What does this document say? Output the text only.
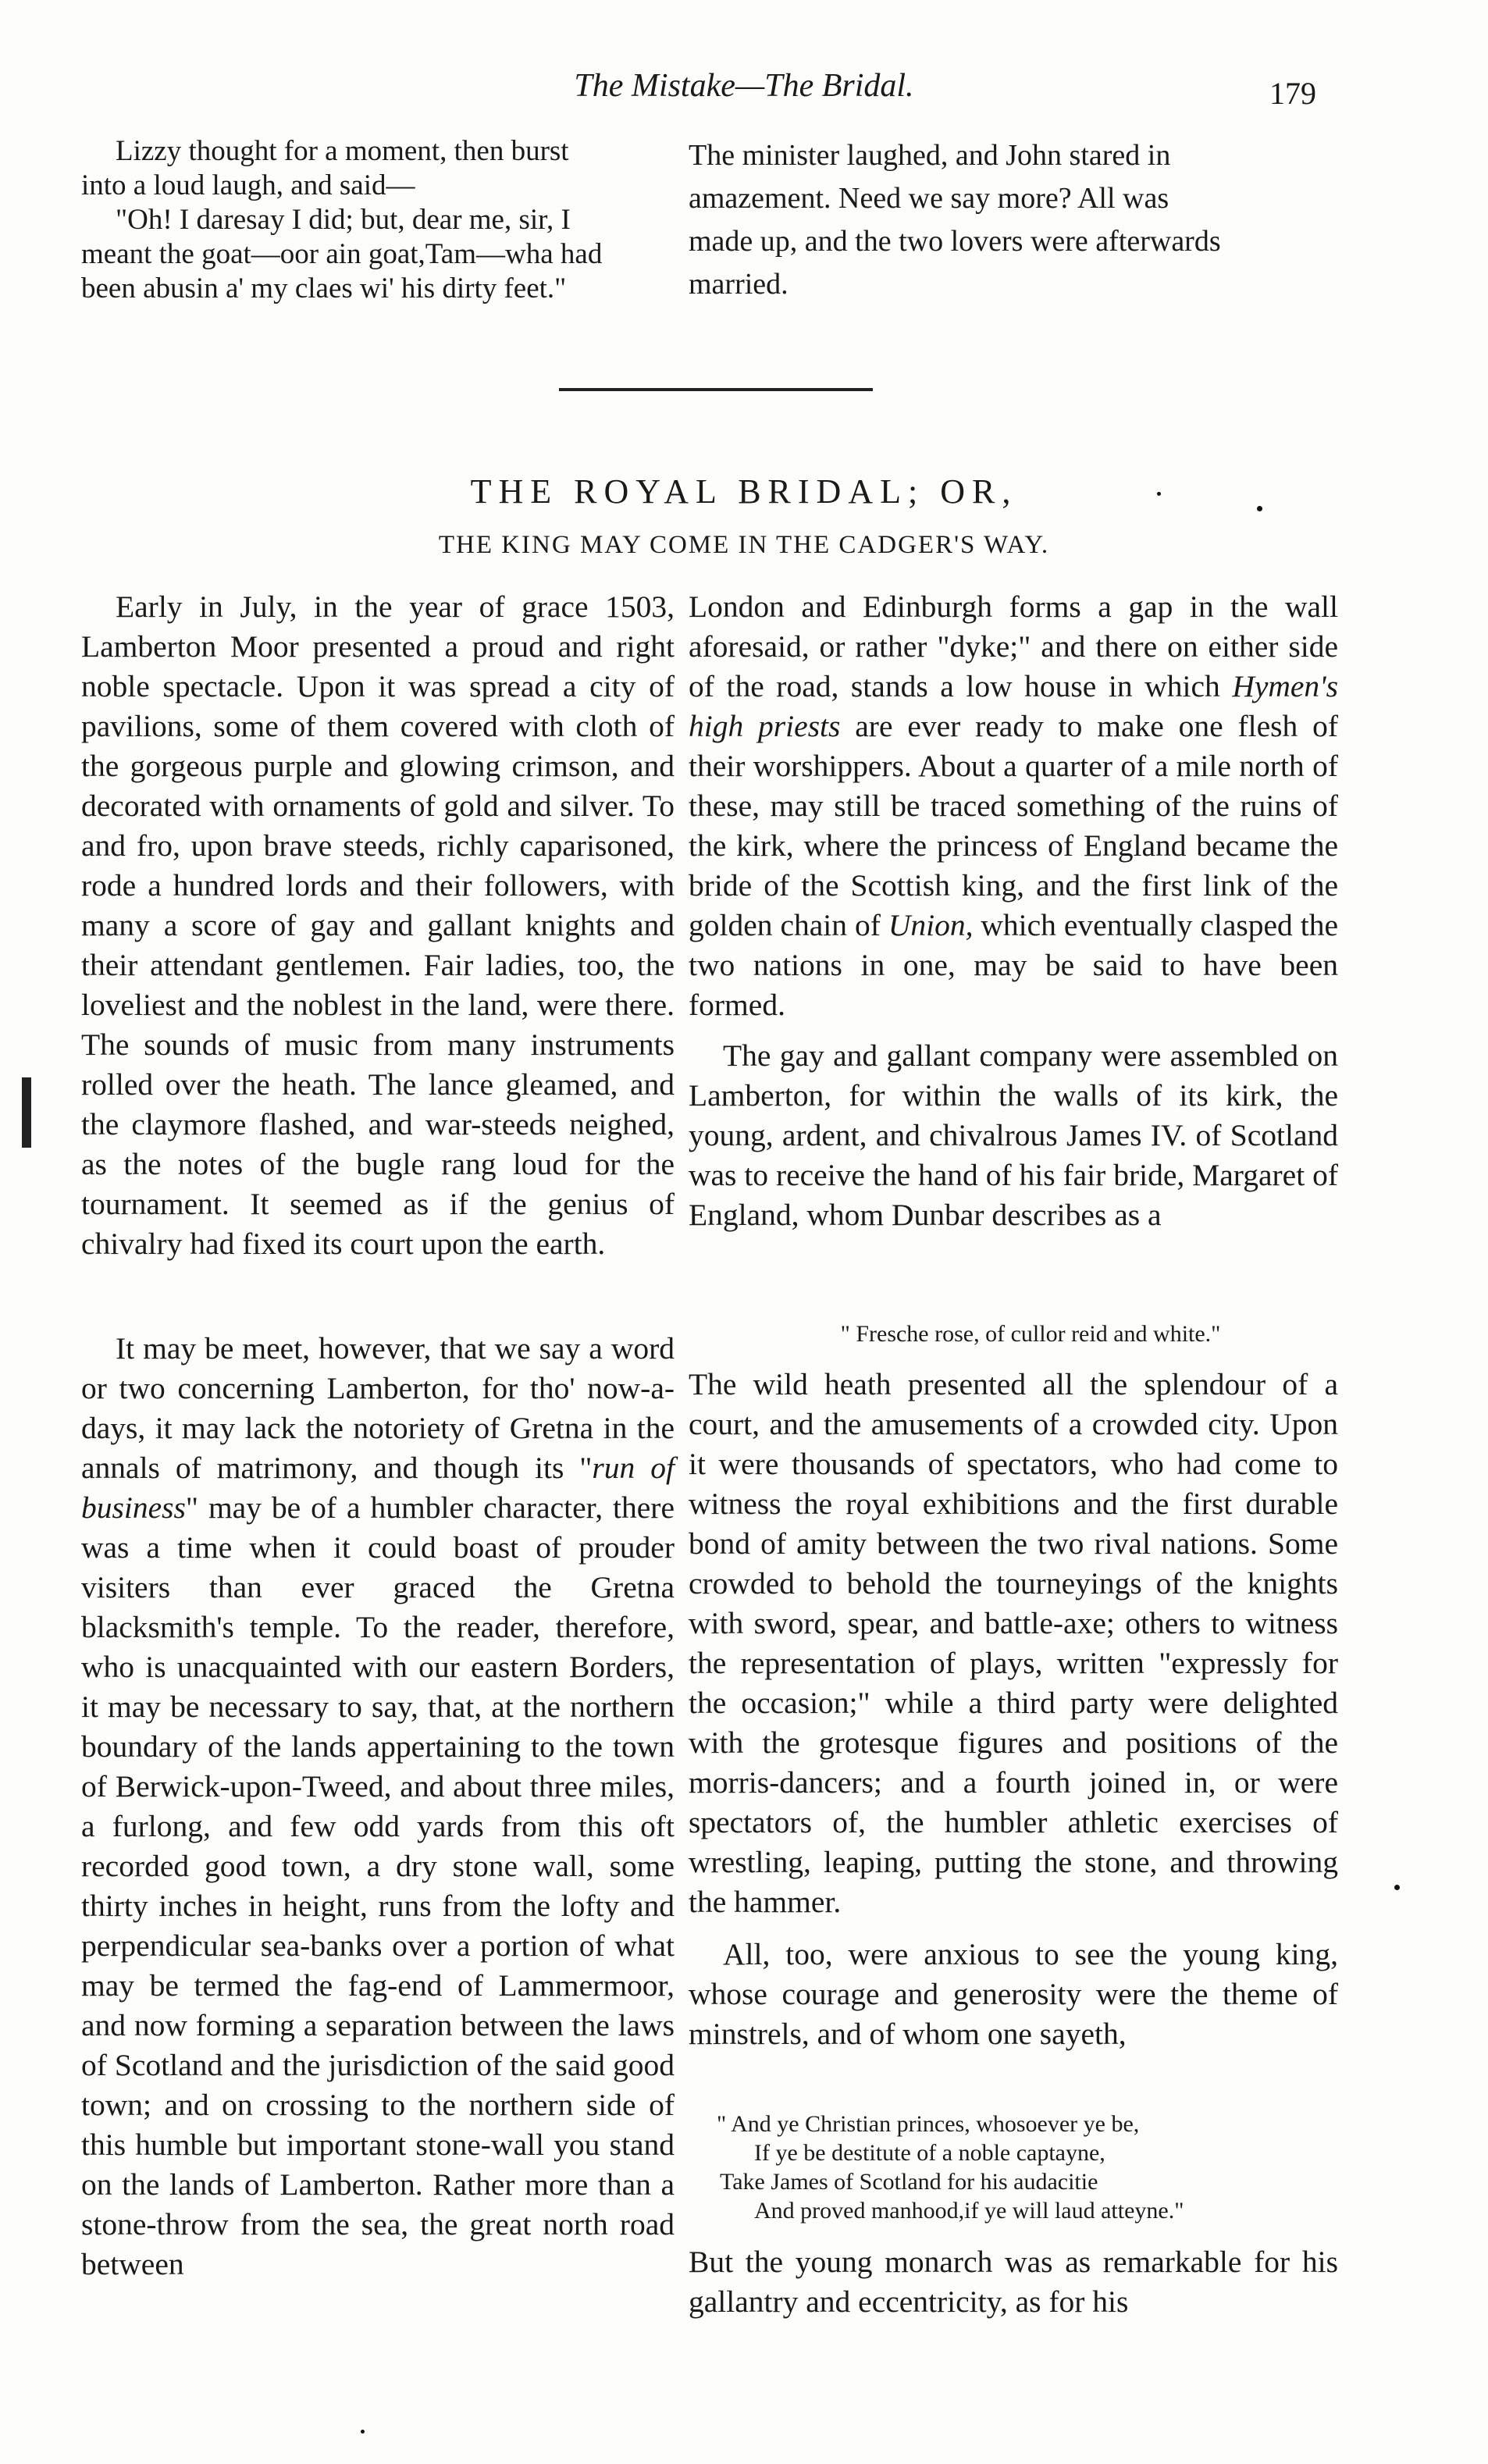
The Mistake—The Bridal.	179
Lizzy thought for a moment, then burst
into a loud laugh, and said—
"Oh! I daresay I did; but, dear me, sir, I
meant the goat—oor ain goat,Tam—wha had
been abusin a' my claes wi' his dirty feet."
The minister laughed, and John stared in
amazement. Need we say more? All was
made up, and the two lovers were afterwards
married.
THE ROYAL BRIDAL; OR,
THE KING MAY COME IN THE CADGER'S WAY.

Early in July, in the year of grace 1503, Lamberton Moor presented a proud and right noble spectacle. Upon it was spread a city of pavilions, some of them covered with cloth of the gorgeous purple and glowing crimson, and decorated with ornaments of gold and silver. To and fro, upon brave steeds, richly caparisoned, rode a hundred lords and their followers, with many a score of gay and gallant knights and their attendant gentlemen. Fair ladies, too, the loveliest and the noblest in the land, were there. The sounds of music from many instruments rolled over the heath. The lance gleamed, and the claymore flashed, and war-steeds neighed, as the notes of the bugle rang loud for the tournament. It seemed as if the genius of chivalry had fixed its court upon the earth.

It may be meet, however, that we say a word or two concerning Lamberton, for tho' now-a-days, it may lack the notoriety of Gretna in the annals of matrimony, and though its "run of business" may be of a humbler character, there was a time when it could boast of prouder visiters than ever graced the Gretna blacksmith's temple. To the reader, therefore, who is unacquainted with our eastern Borders, it may be necessary to say, that, at the northern boundary of the lands appertaining to the town of Berwick-upon-Tweed, and about three miles, a furlong, and few odd yards from this oft recorded good town, a dry stone wall, some thirty inches in height, runs from the lofty and perpendicular sea-banks over a portion of what may be termed the fag-end of Lammermoor, and now forming a separation between the laws of Scotland and the jurisdiction of the said good town; and on crossing to the northern side of this humble but important stone-wall you stand on the lands of Lamberton. Rather more than a stone-throw from the sea, the great north road between

London and Edinburgh forms a gap in the wall aforesaid, or rather "dyke;" and there on either side of the road, stands a low house in which Hymen's high priests are ever ready to make one flesh of their worshippers. About a quarter of a mile north of these, may still be traced something of the ruins of the kirk, where the princess of England became the bride of the Scottish king, and the first link of the golden chain of Union, which eventually clasped the two nations in one, may be said to have been formed.

The gay and gallant company were assembled on Lamberton, for within the walls of its kirk, the young, ardent, and chivalrous James IV. of Scotland was to receive the hand of his fair bride, Margaret of England, whom Dunbar describes as a

" Fresche rose, of cullor reid and white."

The wild heath presented all the splendour of a court, and the amusements of a crowded city. Upon it were thousands of spectators, who had come to witness the royal exhibitions and the first durable bond of amity between the two rival nations. Some crowded to behold the tourneyings of the knights with sword, spear, and battle-axe; others to witness the representation of plays, written "expressly for the occasion;" while a third party were delighted with the grotesque figures and positions of the morris-dancers; and a fourth joined in, or were spectators of, the humbler athletic exercises of wrestling, leaping, putting the stone, and throwing the hammer.

All, too, were anxious to see the young king, whose courage and generosity were the theme of minstrels, and of whom one sayeth,

" And ye Christian princes, whosoever ye be,
If ye be destitute of a noble captayne,
Take James of Scotland for his audacitie
And proved manhood,if ye will laud atteyne."

But the young monarch was as remarkable for his gallantry and eccentricity, as for his
